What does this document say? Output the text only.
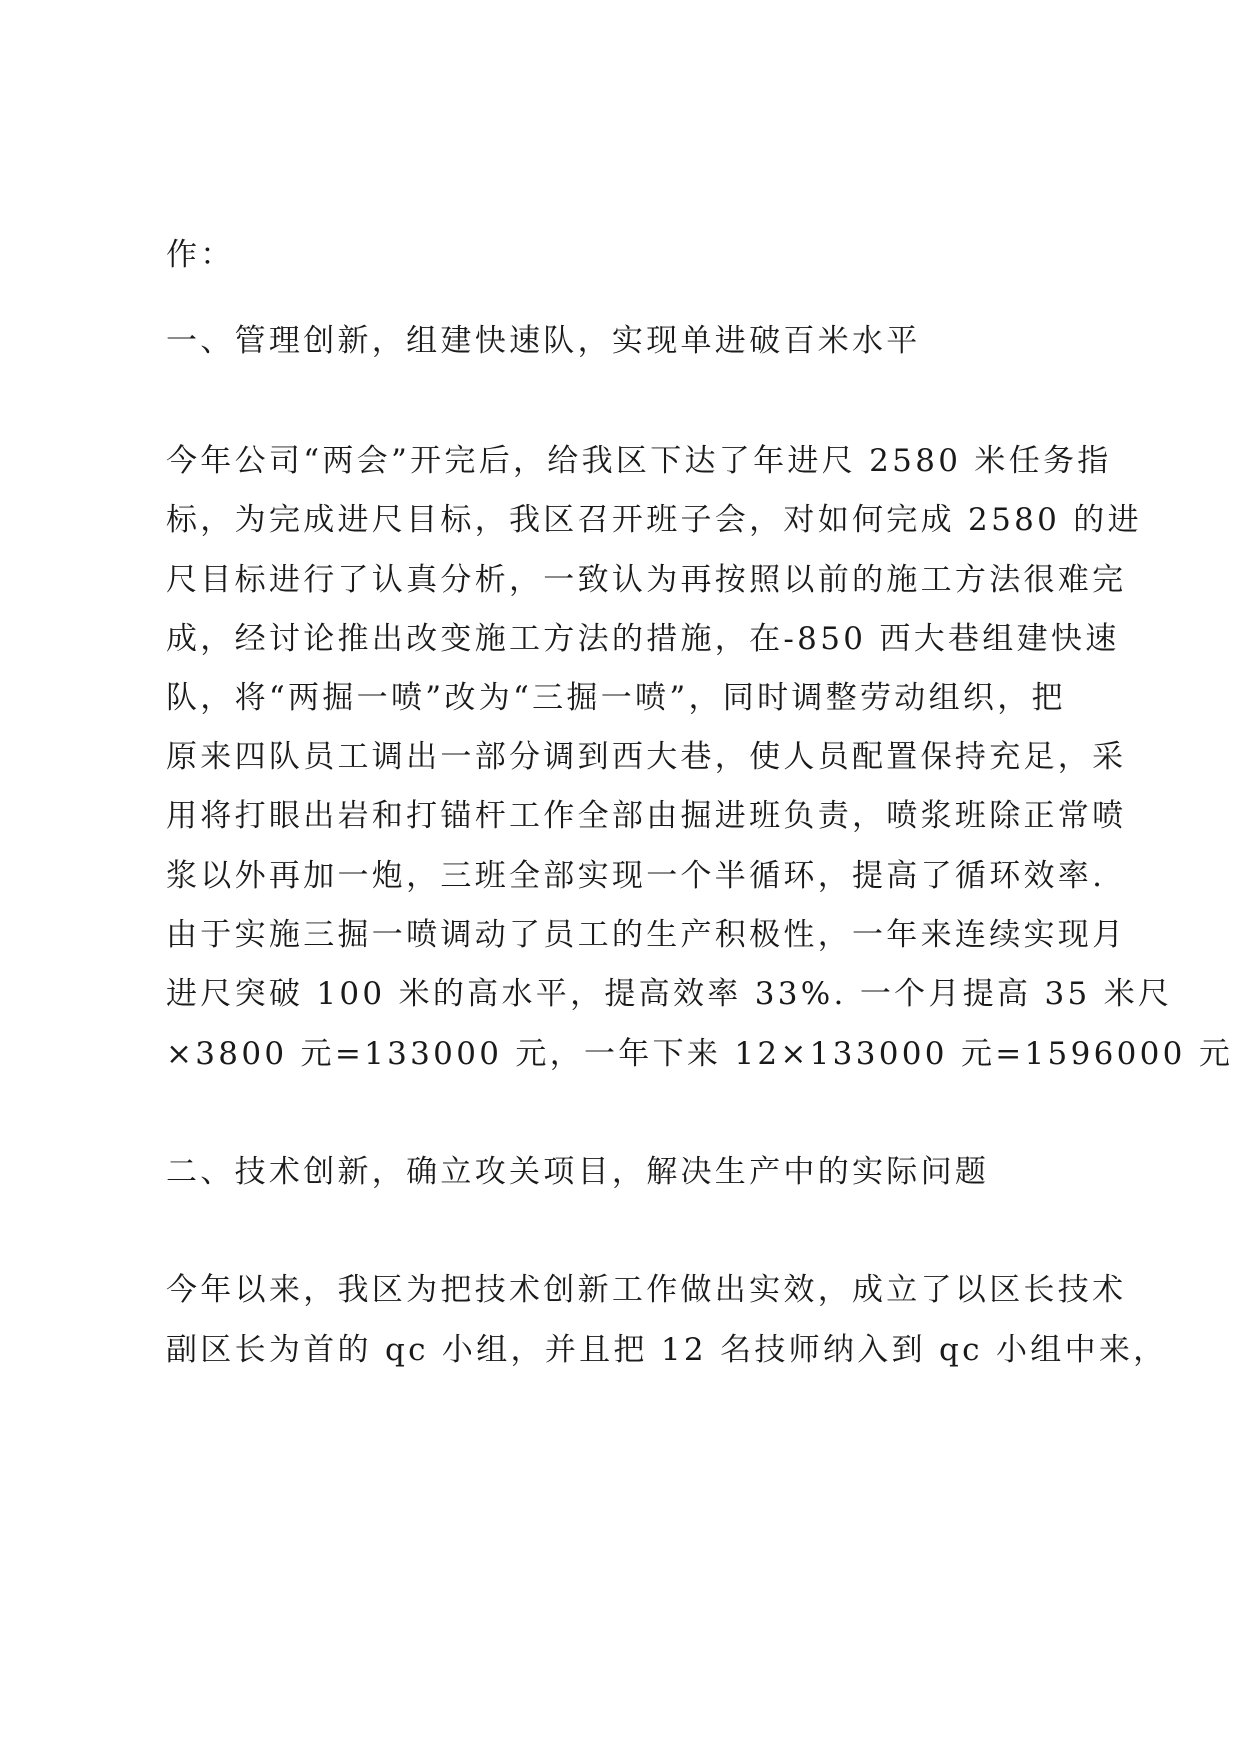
作：
一、管理创新，组建快速队，实现单进破百米水平
今年公司“两会”开完后，给我区下达了年进尺 2580 米任务指
标，为完成进尺目标，我区召开班子会，对如何完成 2580 的进
尺目标进行了认真分析，一致认为再按照以前的施工方法很难完
成，经讨论推出改变施工方法的措施，在-850 西大巷组建快速
队，将“两掘一喷”改为“三掘一喷”，同时调整劳动组织，把
原来四队员工调出一部分调到西大巷，使人员配置保持充足，采
用将打眼出岩和打锚杆工作全部由掘进班负责，喷浆班除正常喷
浆以外再加一炮，三班全部实现一个半循环，提高了循环效率.
由于实施三掘一喷调动了员工的生产积极性，一年来连续实现月
进尺突破 100 米的高水平，提高效率 33%. 一个月提高 35 米尺
×3800 元=133000 元，一年下来 12×133000 元=1596000 元
二、技术创新，确立攻关项目，解决生产中的实际问题
今年以来，我区为把技术创新工作做出实效，成立了以区长技术
副区长为首的 qc 小组，并且把 12 名技师纳入到 qc 小组中来，
